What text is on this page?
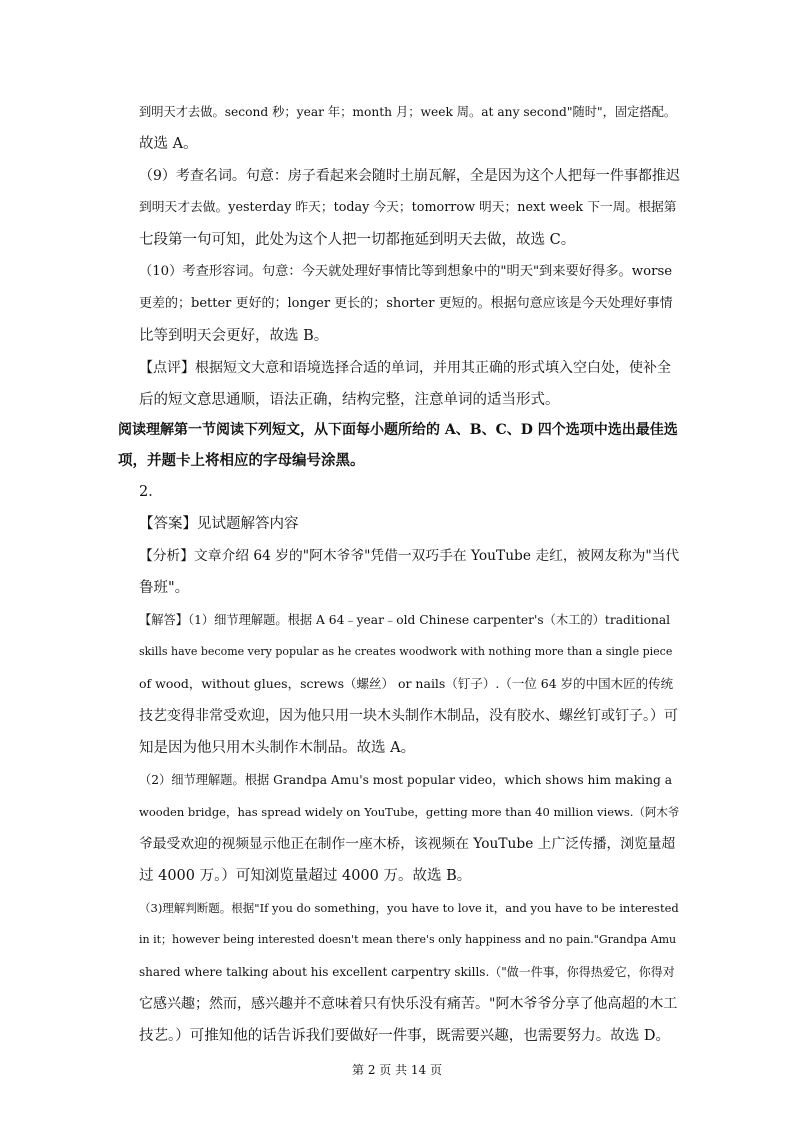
到明天才去做。second 秒；year 年；month 月；week 周。at any second"随时"，固定搭配。
故选 A。
（9）考查名词。句意：房子看起来会随时土崩瓦解，全是因为这个人把每一件事都推迟
到明天才去做。yesterday 昨天；today 今天；tomorrow 明天；next week 下一周。根据第
七段第一句可知，此处为这个人把一切都拖延到明天去做，故选 C。
（10）考查形容词。句意：今天就处理好事情比等到想象中的"明天"到来要好得多。worse
更差的；better 更好的；longer 更长的；shorter 更短的。根据句意应该是今天处理好事情
比等到明天会更好，故选 B。
【点评】根据短文大意和语境选择合适的单词，并用其正确的形式填入空白处，使补全
后的短文意思通顺，语法正确，结构完整，注意单词的适当形式。
阅读理解第一节阅读下列短文，从下面每小题所给的 A、B、C、D 四个选项中选出最佳选
项，并题卡上将相应的字母编号涂黑。
2．
【答案】见试题解答内容
【分析】文章介绍 64 岁的"阿木爷爷"凭借一双巧手在 YouTube 走红，被网友称为"当代
鲁班"。
【解答】（1）细节理解题。根据 A 64﹣year﹣old Chinese carpenter's（木工的）traditional
skills have become very popular as he creates woodwork with nothing more than a single piece
of wood，without glues，screws（螺丝） or nails（钉子）.（一位 64 岁的中国木匠的传统
技艺变得非常受欢迎，因为他只用一块木头制作木制品，没有胶水、螺丝钉或钉子。）可
知是因为他只用木头制作木制品。故选 A。
（2）细节理解题。根据 Grandpa Amu's most popular video，which shows him making a
wooden bridge，has spread widely on YouTube，getting more than 40 million views.（阿木爷
爷最受欢迎的视频显示他正在制作一座木桥，该视频在 YouTube 上广泛传播，浏览量超
过 4000 万。）可知浏览量超过 4000 万。故选 B。
（3)理解判断题。根据"If you do something，you have to love it，and you have to be interested
in it；however being interested doesn't mean there's only happiness and no pain."Grandpa Amu
shared where talking about his excellent carpentry skills.（"做一件事，你得热爱它，你得对
它感兴趣；然而，感兴趣并不意味着只有快乐没有痛苦。"阿木爷爷分享了他高超的木工
技艺。）可推知他的话告诉我们要做好一件事，既需要兴趣，也需要努力。故选 D。
第 2 页 共 14 页
